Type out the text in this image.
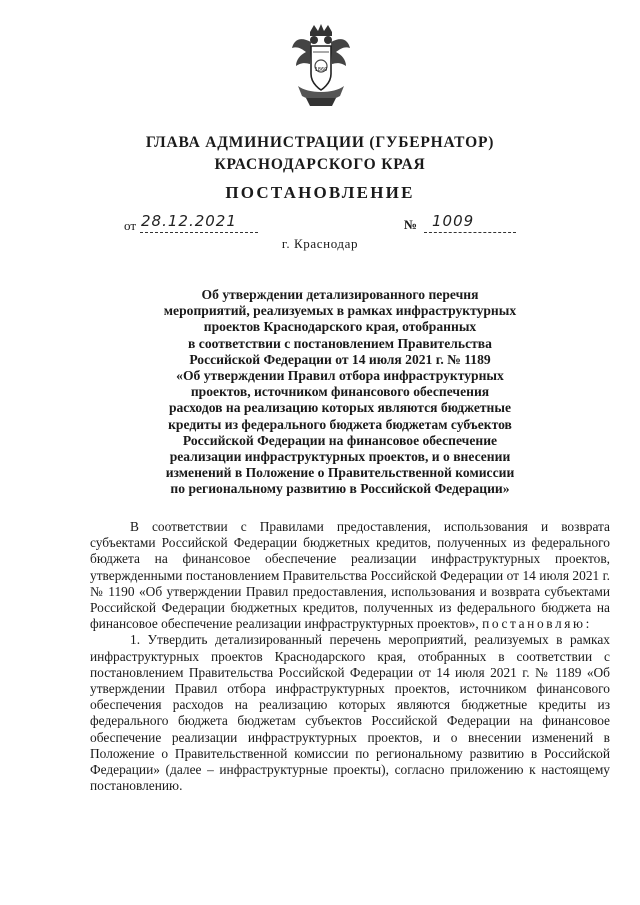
1860
ГЛАВА АДМИНИСТРАЦИИ (ГУБЕРНАТОР)
КРАСНОДАРСКОГО КРАЯ
ПОСТАНОВЛЕНИЕ
от 28.12.2021	№ 1009
г. Краснодар
Об утверждении детализированного перечня
мероприятий, реализуемых в рамках инфраструктурных
проектов Краснодарского края, отобранных
в соответствии с постановлением Правительства
Российской Федерации от 14 июля 2021 г. № 1189
«Об утверждении Правил отбора инфраструктурных
проектов, источником финансового обеспечения
расходов на реализацию которых являются бюджетные
кредиты из федерального бюджета бюджетам субъектов
Российской Федерации на финансовое обеспечение
реализации инфраструктурных проектов, и о внесении
изменений в Положение о Правительственной комиссии
по региональному развитию в Российской Федерации»

В соответствии с Правилами предоставления, использования и возврата субъектами Российской Федерации бюджетных кредитов, полученных из федерального бюджета на финансовое обеспечение реализации инфраструктурных проектов, утвержденными постановлением Правительства Российской Федерации от 14 июля 2021 г. № 1190 «Об утверждении Правил предоставления, использования и возврата субъектами Российской Федерации бюджетных кредитов, полученных из федерального бюджета на финансовое обеспечение реализации инфраструктурных проектов», постановляю:

1. Утвердить детализированный перечень мероприятий, реализуемых в рамках инфраструктурных проектов Краснодарского края, отобранных в соответствии с постановлением Правительства Российской Федерации от 14 июля 2021 г. № 1189 «Об утверждении Правил отбора инфраструктурных проектов, источником финансового обеспечения расходов на реализацию которых являются бюджетные кредиты из федерального бюджета бюджетам субъектов Российской Федерации на финансовое обеспечение реализации инфраструктурных проектов, и о внесении изменений в Положение о Правительственной комиссии по региональному развитию в Российской Федерации» (далее – инфраструктурные проекты), согласно приложению к настоящему постановлению.
